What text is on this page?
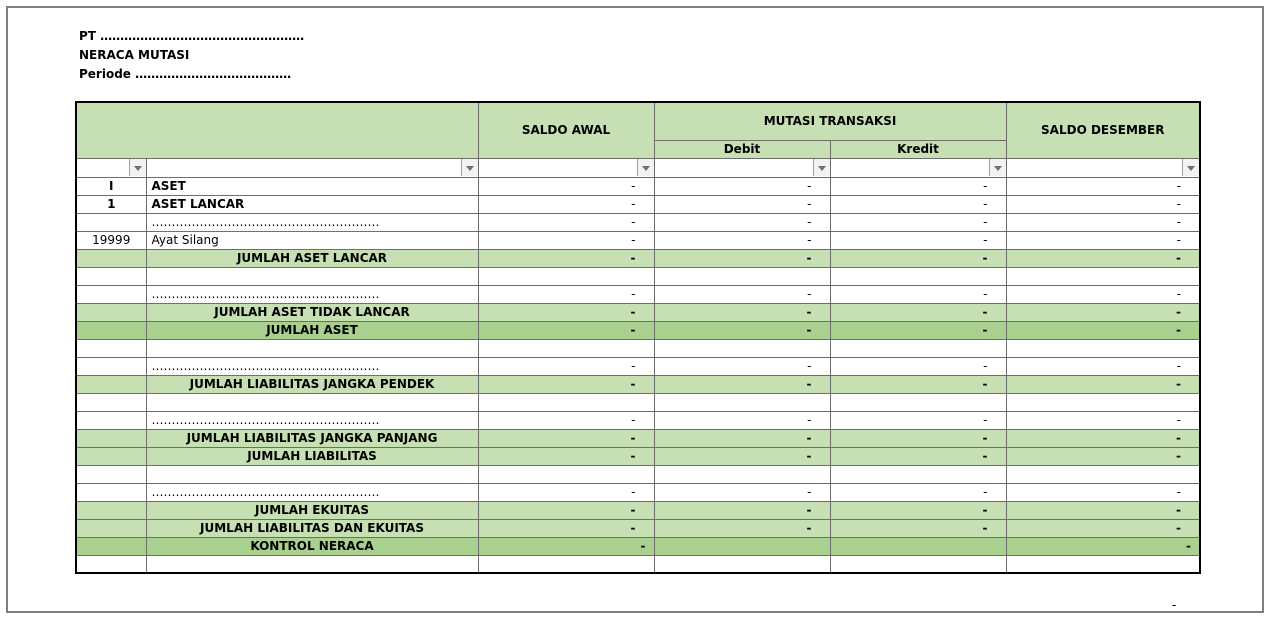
PT ……………………………………………
NERACA MUTASI
Periode …………………………………
		SALDO AWAL	MUTASI TRANSAKSI		SALDO DESEMBER
			Debit	Kredit	

I	ASET	-	-	-	-
1	ASET LANCAR	-	-	-	-
	…………………………………………………	-	-	-	-
19999	Ayat Silang	-	-	-	-
	JUMLAH ASET LANCAR	-	-	-	-

	…………………………………………………	-	-	-	-
	JUMLAH ASET TIDAK LANCAR	-	-	-	-
	JUMLAH ASET	-	-	-	-

	…………………………………………………	-	-	-	-
	JUMLAH LIABILITAS JANGKA PENDEK	-	-	-	-

	…………………………………………………	-	-	-	-
	JUMLAH LIABILITAS JANGKA PANJANG	-	-	-	-
	JUMLAH LIABILITAS	-	-	-	-

	…………………………………………………	-	-	-	-
	JUMLAH EKUITAS	-	-	-	-
	JUMLAH LIABILITAS DAN EKUITAS	-	-	-	-
	KONTROL NERACA	-			-

-
